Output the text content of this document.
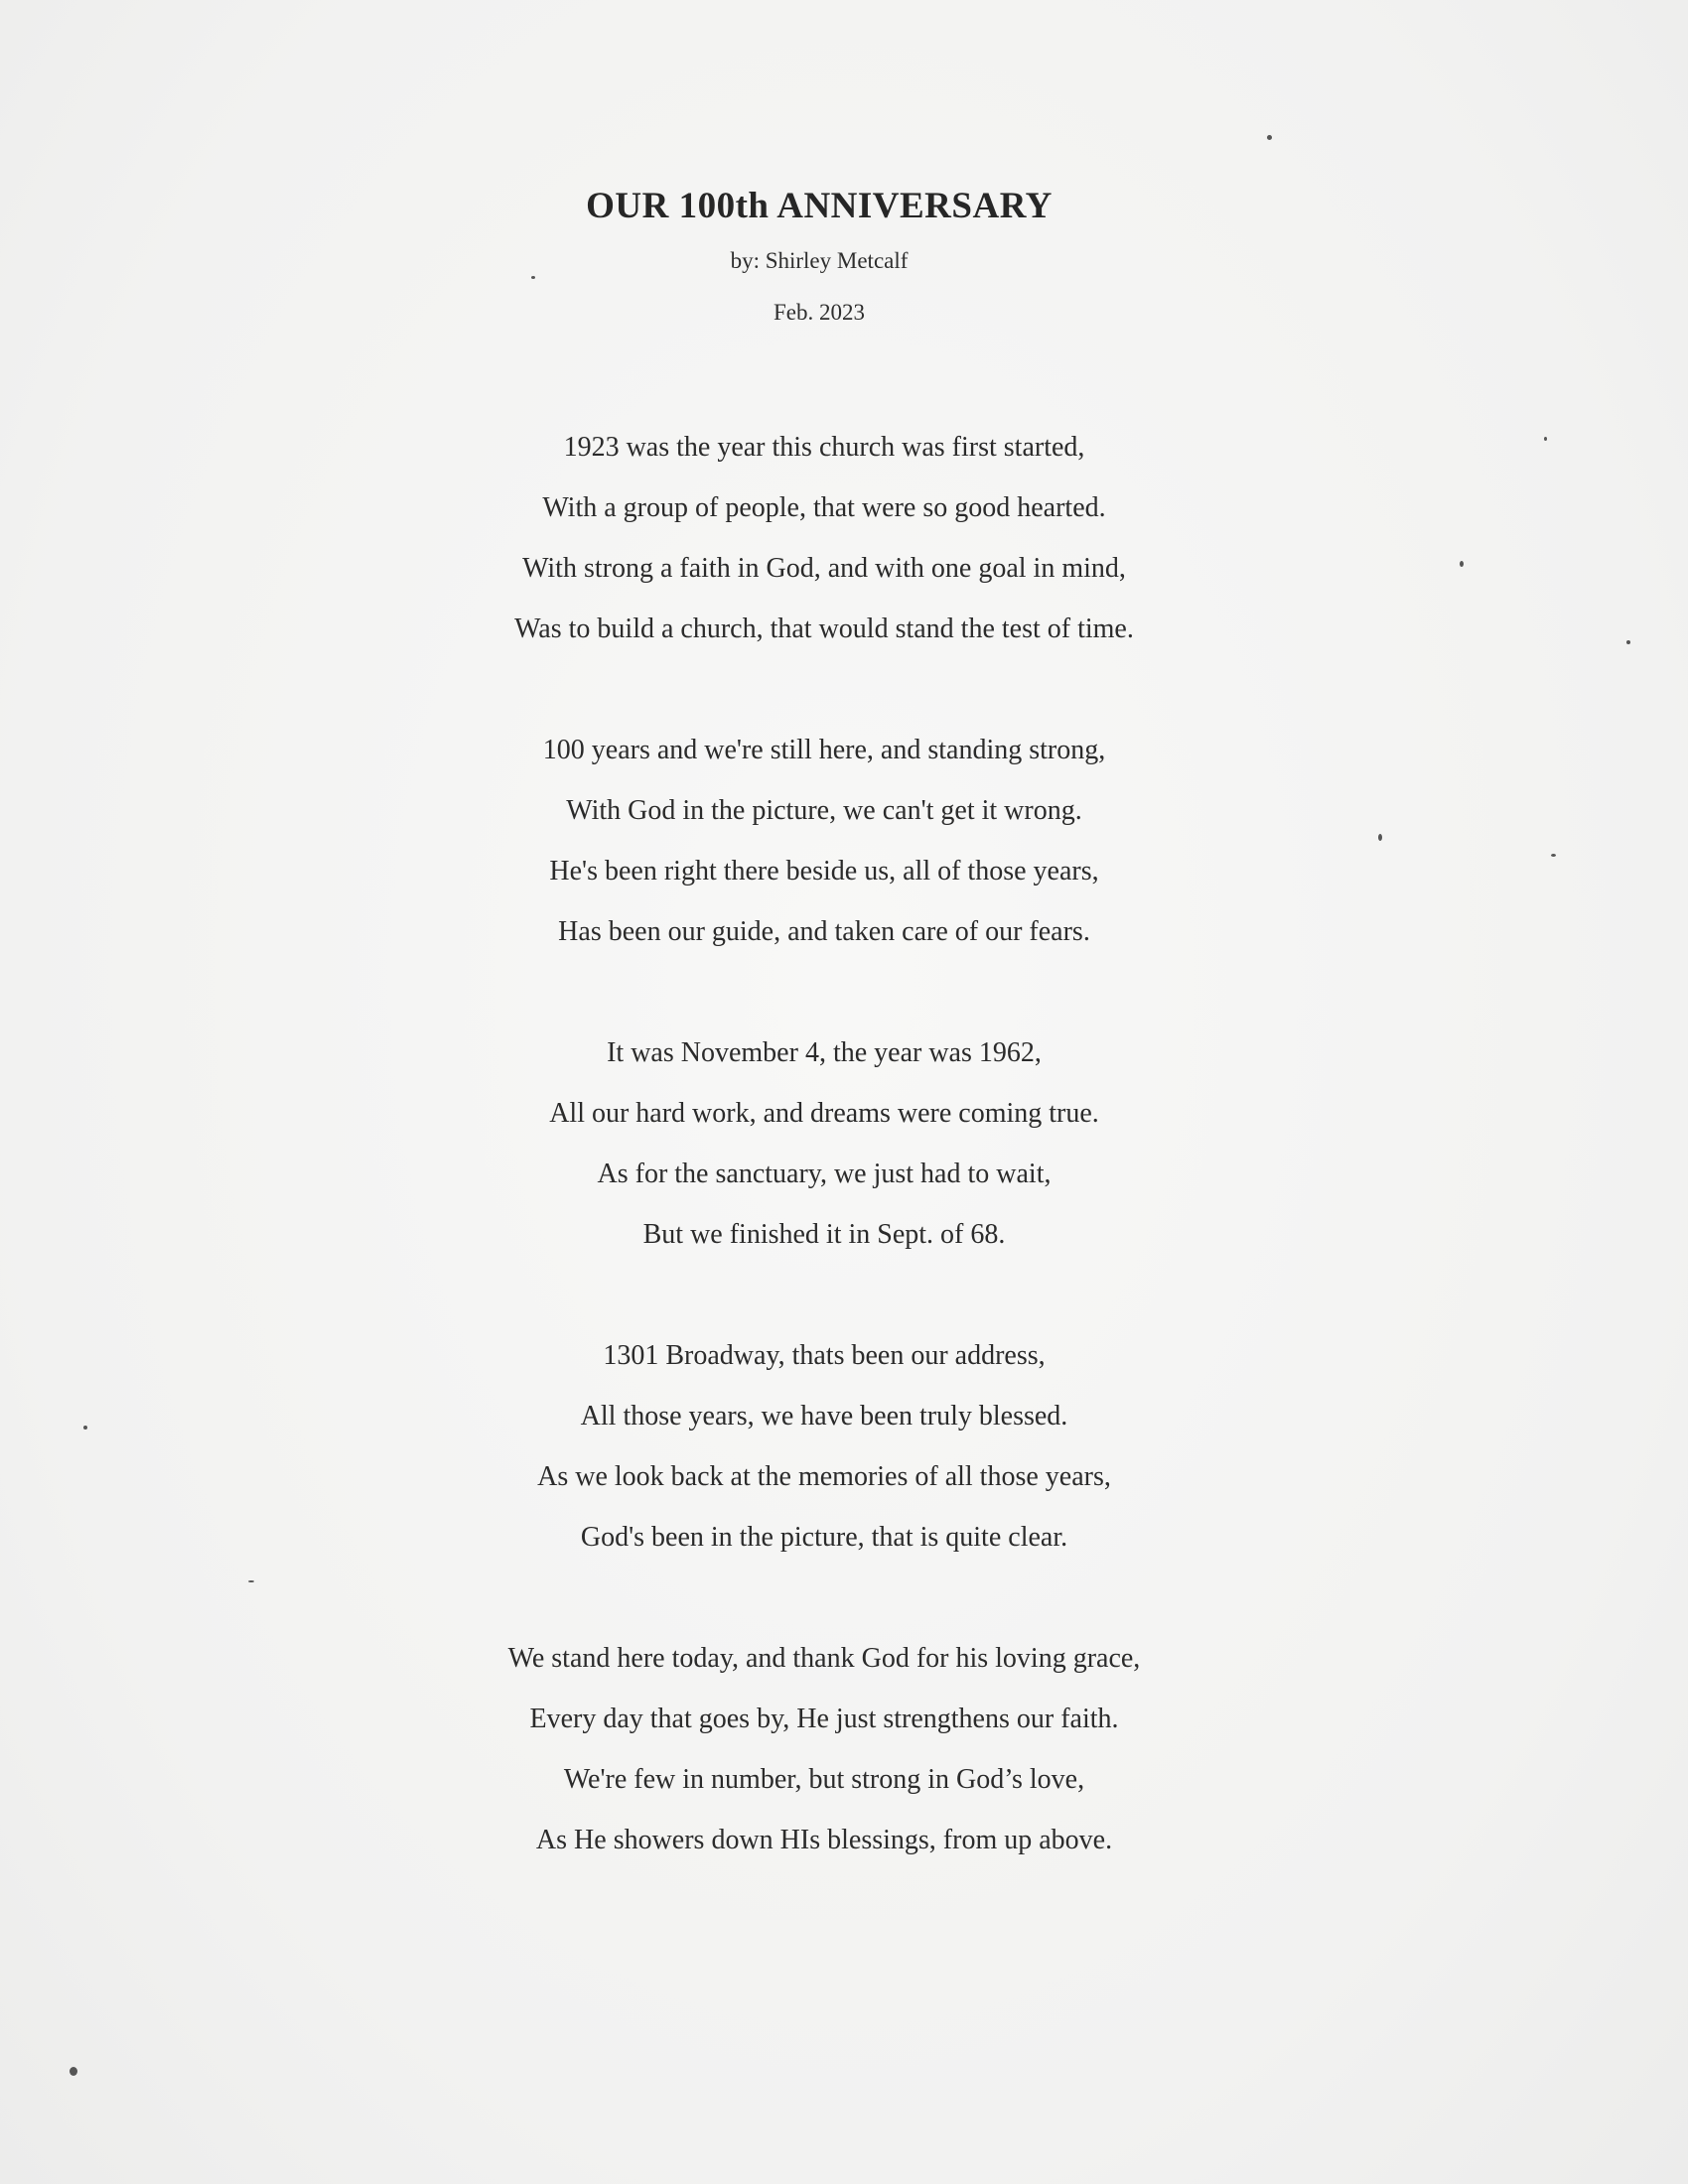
OUR 100th ANNIVERSARY
by: Shirley Metcalf
Feb. 2023
1923 was the year this church was first started,
With a group of people, that were so good hearted.
With strong a faith in God, and with one goal in mind,
Was to build a church, that would stand the test of time.
100 years and we're still here, and standing strong,
With God in the picture, we can't get it wrong.
He's been right there beside us, all of those years,
Has been our guide, and taken care of our fears.
It was November 4, the year was 1962,
All our hard work, and dreams were coming true.
As for the sanctuary, we just had to wait,
But we finished it in Sept. of 68.
1301 Broadway, thats been our address,
All those years, we have been truly blessed.
As we look back at the memories of all those years,
God's been in the picture, that is quite clear.
We stand here today, and thank God for his loving grace,
Every day that goes by, He just strengthens our faith.
We're few in number, but strong in God’s love,
As He showers down HIs blessings, from up above.
